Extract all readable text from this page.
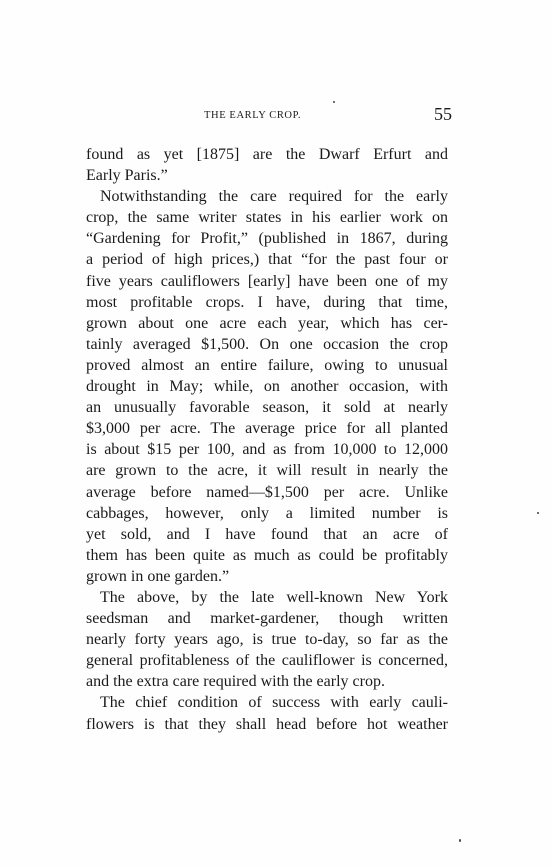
THE EARLY CROP.	55
found as yet [1875] are the Dwarf Erfurt and
Early Paris.”
Notwithstanding the care required for the early
crop, the same writer states in his earlier work on
“Gardening for Profit,” (published in 1867, during
a period of high prices,) that “for the past four or
five years cauliflowers [early] have been one of my
most profitable crops. I have, during that time,
grown about one acre each year, which has cer-
tainly averaged $1,500. On one occasion the crop
proved almost an entire failure, owing to unusual
drought in May; while, on another occasion, with
an unusually favorable season, it sold at nearly
$3,000 per acre. The average price for all planted
is about $15 per 100, and as from 10,000 to 12,000
are grown to the acre, it will result in nearly the
average before named—$1,500 per acre. Unlike
cabbages, however, only a limited number is
yet sold, and I have found that an acre of
them has been quite as much as could be profitably
grown in one garden.”
The above, by the late well-known New York
seedsman and market-gardener, though written
nearly forty years ago, is true to-day, so far as the
general profitableness of the cauliflower is concerned,
and the extra care required with the early crop.
The chief condition of success with early cauli-
flowers is that they shall head before hot weather
